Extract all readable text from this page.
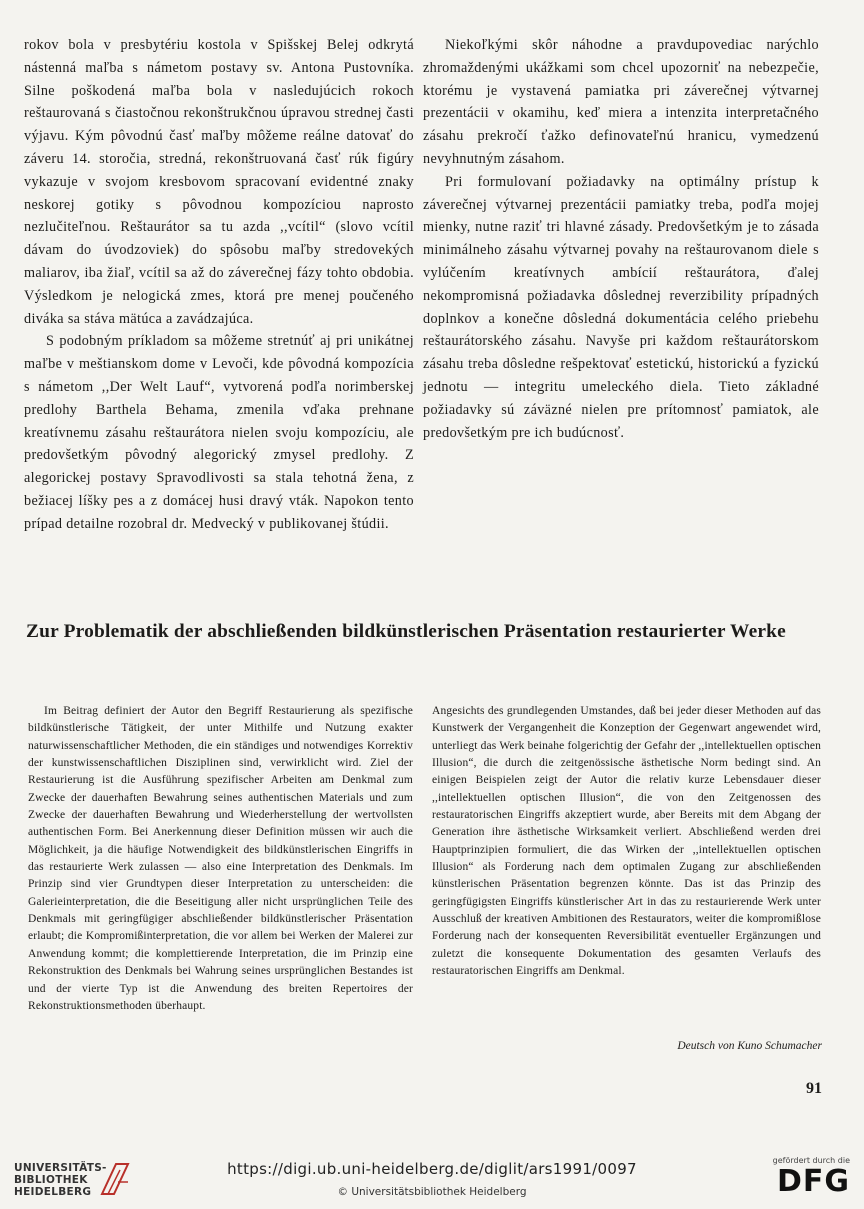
rokov bola v presbytériu kostola v Spišskej Belej odkrytá nástenná maľba s námetom postavy sv. Antona Pustovníka. Silne poškodená maľba bola v nasledujúcich rokoch reštaurovaná s čiastočnou rekonštrukčnou úpravou strednej časti výjavu. Kým pôvodnú časť maľby môžeme reálne datovať do záveru 14. storočia, stredná, rekonštruovaná časť rúk figúry vykazuje v svojom kresbovom spracovaní evidentné znaky neskorej gotiky s pôvodnou kompozíciou naprosto nezlučiteľnou. Reštaurátor sa tu azda ,,vcítil“ (slovo vcítil dávam do úvodzoviek) do spôsobu maľby stredovekých maliarov, iba žiaľ, vcítil sa až do záverečnej fázy tohto obdobia. Výsledkom je nelogická zmes, ktorá pre menej poučeného diváka sa stáva mätúca a zavádzajúca.

S podobným príkladom sa môžeme stretnúť aj pri unikátnej maľbe v meštianskom dome v Levoči, kde pôvodná kompozícia s námetom ,,Der Welt Lauf“, vytvorená podľa norimberskej predlohy Barthela Behama, zmenila vďaka prehnane kreatívnemu zásahu reštaurátora nielen svoju kompozíciu, ale predovšetkým pôvodný alegorický zmysel predlohy. Z alegorickej postavy Spravodlivosti sa stala tehotná žena, z bežiacej líšky pes a z domácej husi dravý vták. Napokon tento prípad detailne rozobral dr. Medvecký v publikovanej štúdii.

Niekoľkými skôr náhodne a pravdupovediac narýchlo zhromaždenými ukážkami som chcel upozorniť na nebezpečie, ktorému je vystavená pamiatka pri záverečnej výtvarnej prezentácii v okamihu, keď miera a intenzita interpretačného zásahu prekročí ťažko definovateľnú hranicu, vymedzenú nevyhnutným zásahom.

Pri formulovaní požiadavky na optimálny prístup k záverečnej výtvarnej prezentácii pamiatky treba, podľa mojej mienky, nutne raziť tri hlavné zásady. Predovšetkým je to zásada minimálneho zásahu výtvarnej povahy na reštaurovanom diele s vylúčením kreatívnych ambícií reštaurátora, ďalej nekompromisná požiadavka dôslednej reverzibility prípadných doplnkov a konečne dôsledná dokumentácia celého priebehu reštaurátorského zásahu. Navyše pri každom reštaurátorskom zásahu treba dôsledne rešpektovať estetickú, historickú a fyzickú jednotu — integritu umeleckého diela. Tieto základné požiadavky sú záväzné nielen pre prítomnosť pamiatok, ale predovšetkým pre ich budúcnosť.

Zur Problematik der abschließenden bildkünstlerischen Präsentation restaurierter Werke

Im Beitrag definiert der Autor den Begriff Restaurierung als spezifische bildkünstlerische Tätigkeit, der unter Mithilfe und Nutzung exakter naturwissenschaftlicher Methoden, die ein ständiges und notwendiges Korrektiv der kunstwissenschaftlichen Disziplinen sind, verwirklicht wird. Ziel der Restaurierung ist die Ausführung spezifischer Arbeiten am Denkmal zum Zwecke der dauerhaften Bewahrung seines authentischen Materials und zum Zwecke der dauerhaften Bewahrung und Wiederherstellung der wertvollsten authentischen Form. Bei Anerkennung dieser Definition müssen wir auch die Möglichkeit, ja die häufige Notwendigkeit des bildkünstlerischen Eingriffs in das restaurierte Werk zulassen — also eine Interpretation des Denkmals. Im Prinzip sind vier Grundtypen dieser Interpretation zu unterscheiden: die Galerieinterpretation, die die Beseitigung aller nicht ursprünglichen Teile des Denkmals mit geringfügiger abschließender bildkünstlerischer Präsentation erlaubt; die Kompromißinterpretation, die vor allem bei Werken der Malerei zur Anwendung kommt; die komplettierende Interpretation, die im Prinzip eine Rekonstruktion des Denkmals bei Wahrung seines ursprünglichen Bestandes ist und der vierte Typ ist die Anwendung des breiten Repertoires der Rekonstruktionsmethoden überhaupt.

Angesichts des grundlegenden Umstandes, daß bei jeder dieser Methoden auf das Kunstwerk der Vergangenheit die Konzeption der Gegenwart angewendet wird, unterliegt das Werk beinahe folgerichtig der Gefahr der ,,intellektuellen optischen Illusion“, die durch die zeitgenössische ästhetische Norm bedingt sind. An einigen Beispielen zeigt der Autor die relativ kurze Lebensdauer dieser ,,intellektuellen optischen Illusion“, die von den Zeitgenossen des restauratorischen Eingriffs akzeptiert wurde, aber Bereits mit dem Abgang der Generation ihre ästhetische Wirksamkeit verliert. Abschließend werden drei Hauptprinzipien formuliert, die das Wirken der ,,intellektuellen optischen Illusion“ als Forderung nach dem optimalen Zugang zur abschließenden künstlerischen Präsentation begrenzen könnte. Das ist das Prinzip des geringfügigsten Eingriffs künstlerischer Art in das zu restaurierende Werk unter Ausschluß der kreativen Ambitionen des Restaurators, weiter die kompromißlose Forderung nach der konsequenten Reversibilität eventueller Ergänzungen und zuletzt die konsequente Dokumentation des gesamten Verlaufs des restauratorischen Eingriffs am Denkmal.

Deutsch von Kuno Schumacher
91
UNIVERSITÄTS-
BIBLIOTHEK
HEIDELBERG
https://digi.ub.uni-heidelberg.de/diglit/ars1991/0097
© Universitätsbibliothek Heidelberg
gefördert durch die
DFG
